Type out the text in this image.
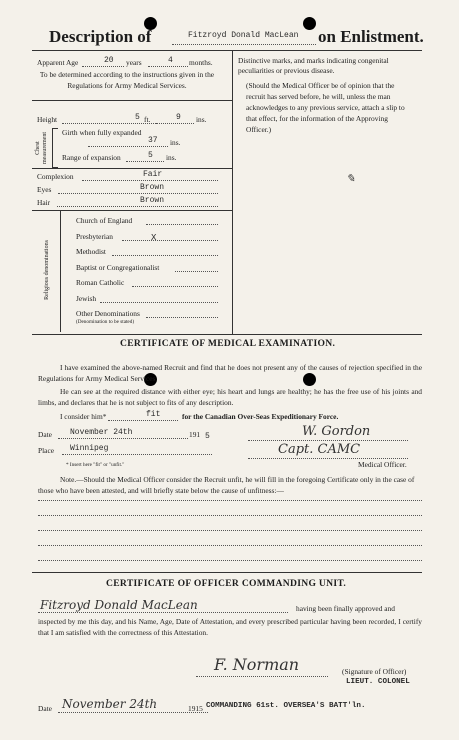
Description of	Fitzroyd Donald MacLean on Enlistment.
Apparent Age	20 years	4 months.
To be determined according to the instructions given in the Regulations for Army Medical Services.
Height	5 ft.	9 ins.
Chest measurement Girth when fully expanded
37 ins.
Range of expansion	5 ins.
Complexion	Fair
Eyes	Brown
Hair	Brown
Religious denominations
Church of England
Presbyterian	X
Methodist
Baptist or Congregationalist
Roman Catholic
Jewish
Other Denominations
(Denomination to be stated)
Distinctive marks, and marks indicating congenital peculiarities or previous disease.
(Should the Medical Officer be of opinion that the recruit has served before, he will, unless the man acknowledges to any previous service, attach a slip to that effect, for the information of the Approving Officer.)
✎
CERTIFICATE OF MEDICAL EXAMINATION.
I have examined the above-named Recruit and find that he does not present any of the causes of rejection specified in the Regulations for Army Medical Services.
He can see at the required distance with either eye; his heart and lungs are healthy; he has the free use of his joints and limbs, and declares that he is not subject to fits of any description.
I consider him*	fit	for the Canadian Over-Seas Expeditionary Force.
Date November 24th	191 5
Place Winnipeg
* Insert here "fit" or "unfit."
W. Gordon
Capt. CAMC
Medical Officer.
Note.—Should the Medical Officer consider the Recruit unfit, he will fill in the foregoing Certificate only in the case of those who have been attested, and will briefly state below the cause of unfitness:—
CERTIFICATE OF OFFICER COMMANDING UNIT.
Fitzroyd Donald MacLean	having been finally approved and
inspected by me this day, and his Name, Age, Date of Attestation, and every prescribed particular having been recorded, I certify that I am satisfied with the correctness of this Attestation.
F. Norman	(Signature of Officer)
LIEUT. COLONEL
Date November 24th	1915 COMMANDING 61st. OVERSEA'S BATT'ln.
